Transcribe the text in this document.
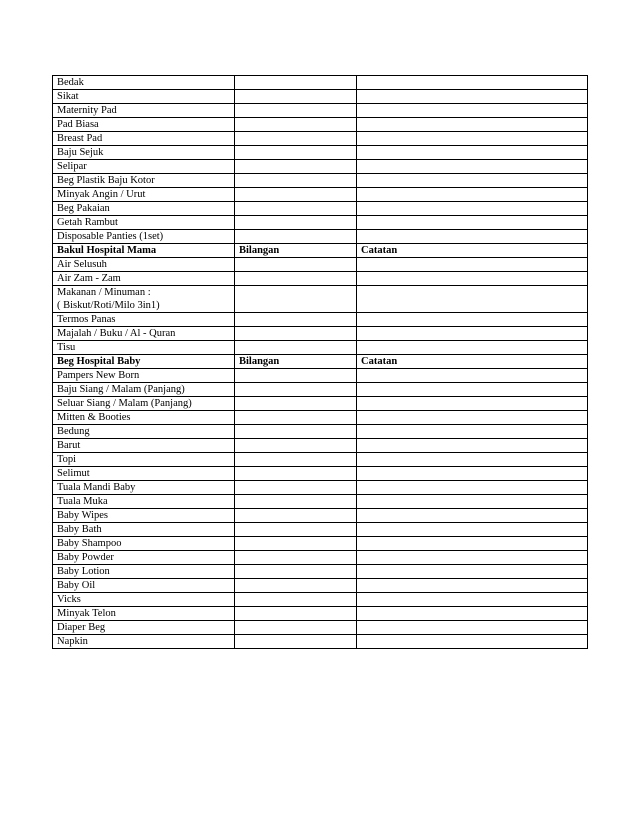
Bedak		
Sikat		
Maternity Pad		
Pad Biasa		
Breast Pad		
Baju Sejuk		
Selipar		
Beg Plastik Baju Kotor		
Minyak Angin / Urut		
Beg Pakaian		
Getah Rambut		
Disposable Panties (1set)		
Bakul Hospital Mama	Bilangan	Catatan
Air Selusuh		
Air Zam - Zam		
Makanan / Minuman :
( Biskut/Roti/Milo 3in1)		
Termos Panas		
Majalah / Buku / Al - Quran		
Tisu		
Beg Hospital Baby	Bilangan	Catatan
Pampers New Born		
Baju Siang / Malam (Panjang)		
Seluar Siang / Malam (Panjang)		
Mitten & Booties		
Bedung		
Barut		
Topi		
Selimut		
Tuala Mandi Baby		
Tuala Muka		
Baby Wipes		
Baby Bath		
Baby Shampoo		
Baby Powder		
Baby Lotion		
Baby Oil		
Vicks		
Minyak Telon		
Diaper Beg		
Napkin		
